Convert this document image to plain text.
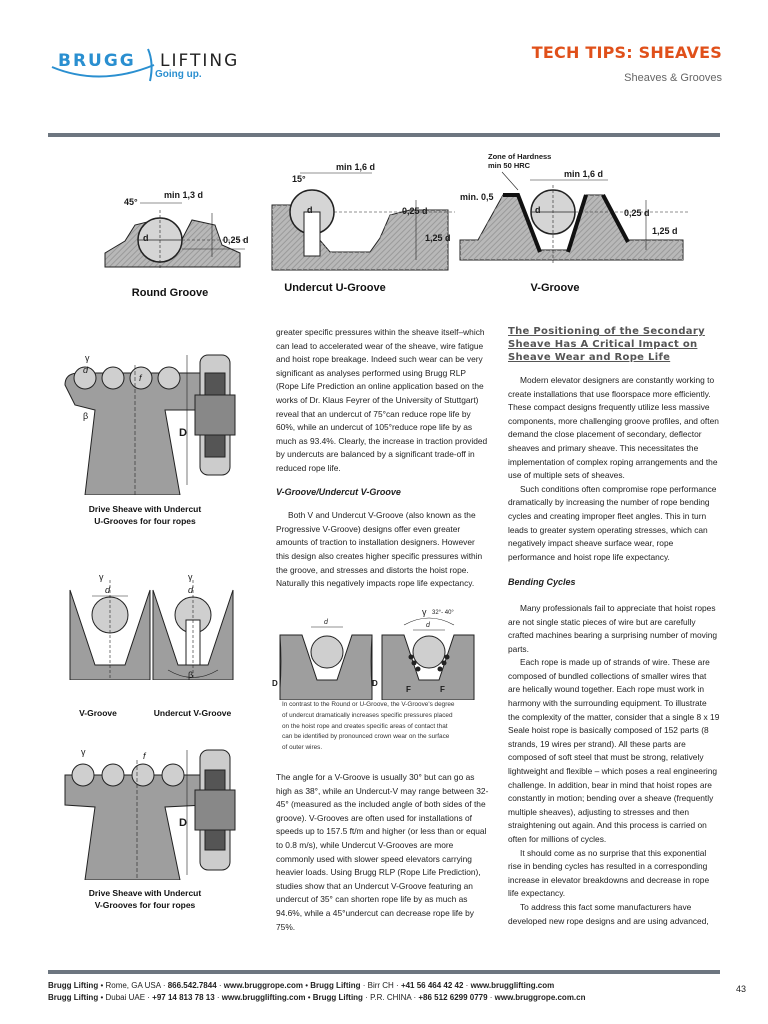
BRUGG LIFTING
Going up.
TECH TIPS: SHEAVES
Sheaves & Grooves
45°
min 1,3 d
0,25 d
d
Round Groove
15°
min 1,6 d
0,25 d
1,25 d
d
Undercut U-Groove
Zone of Hardness
min 50 HRC
min. 0,5
min 1,6 d
0,25 d
1,25 d
d
V-Groove
γ
d
f
β
D
Drive Sheave with Undercut
U-Grooves for four ropes
γ
d
γ
d
β
V-Groove	Undercut V-Groove
γ	f
D
Drive Sheave with Undercut
V-Grooves for four ropes

greater specific pressures within the sheave itself–which can lead to accelerated wear of the sheave, wire fatigue and hoist rope breakage. Indeed such wear can be very significant as analyses performed using Brugg RLP (Rope Life Prediction an online application based on the works of Dr. Klaus Feyrer of the University of Stuttgart) reveal that an undercut of 75°can reduce rope life by 60%, while an undercut of 105°reduce rope life by as much as 93.4%. Clearly, the increase in traction provided by undercuts are balanced by a significant trade-off in reduced rope life.

V-Groove/Undercut V-Groove

Both V and Undercut V-Groove (also known as the Progressive V-Groove) designs offer even greater amounts of traction to installation designers. However this design also creates higher specific pressures within the groove, and stresses and distorts the hoist rope. Naturally this negatively impacts rope life expectancy.

d
D
γ 32°- 40°
d
D
F	F
In contrast to the Round or U-Groove, the V-Groove's degree
of undercut dramatically increases specific pressures placed
on the hoist rope and creates specific areas of contact that
can be identified by pronounced crown wear on the surface
of outer wires.

The angle for a V-Groove is usually 30° but can go as high as 38°, while an Undercut-V may range between 32-45° (measured as the included angle of both sides of the groove). V-Grooves are often used for installations of speeds up to 157.5 ft/m and higher (or less than or equal to 0.8 m/s), while Undercut V-Grooves are more commonly used with slower speed elevators carrying heavier loads. Using Brugg RLP (Rope Life Prediction), studies show that an Undercut V-Groove featuring an undercut of 35° can shorten rope life by as much as 94.6%, while a 45°undercut can decrease rope life by 75%.

The Positioning of the Secondary Sheave Has A Critical Impact on Sheave Wear and Rope Life

Modern elevator designers are constantly working to create installations that use floorspace more efficiently. These compact designs frequently utilize less massive components, more challenging groove profiles, and often demand the close placement of secondary, deflector sheaves and primary sheave. This necessitates the implementation of complex roping arrangements and the use of multiple sets of sheaves.

Such conditions often compromise rope performance dramatically by increasing the number of rope bending cycles and creating improper fleet angles. This in turn leads to greater system operating stresses, which can negatively impact sheave surface wear, rope performance and hoist rope life expectancy.

Bending Cycles

Many professionals fail to appreciate that hoist ropes are not single static pieces of wire but are carefully crafted machines bearing a surprising number of moving parts.

Each rope is made up of strands of wire. These are composed of bundled collections of smaller wires that are helically wound together. Each rope must work in harmony with the surrounding equipment. To illustrate the complexity of the matter, consider that a single 8 x 19 Seale hoist rope is basically composed of 152 parts (8 strands, 19 wires per strand). All these parts are composed of soft steel that must be strong, relatively lightweight and flexible – which poses a real engineering challenge. In addition, bear in mind that hoist ropes are constantly in motion; bending over a sheave (frequently multiple sheaves), adjusting to stresses and then straightening out again. And this process is carried on often for millions of cycles.

It should come as no surprise that this exponential rise in bending cycles has resulted in a corresponding increase in elevator breakdowns and decrease in rope life expectancy.

To address this fact some manufacturers have developed new rope designs and are using advanced,

Brugg Lifting • Rome, GA USA · 866.542.7844 · www.bruggrope.com • Brugg Lifting · Birr CH · +41 56 464 42 42 · www.brugglifting.com
Brugg Lifting • Dubai UAE · +97 14 813 78 13 · www.brugglifting.com • Brugg Lifting · P.R. CHINA · +86 512 6299 0779 · www.bruggrope.com.cn
43
